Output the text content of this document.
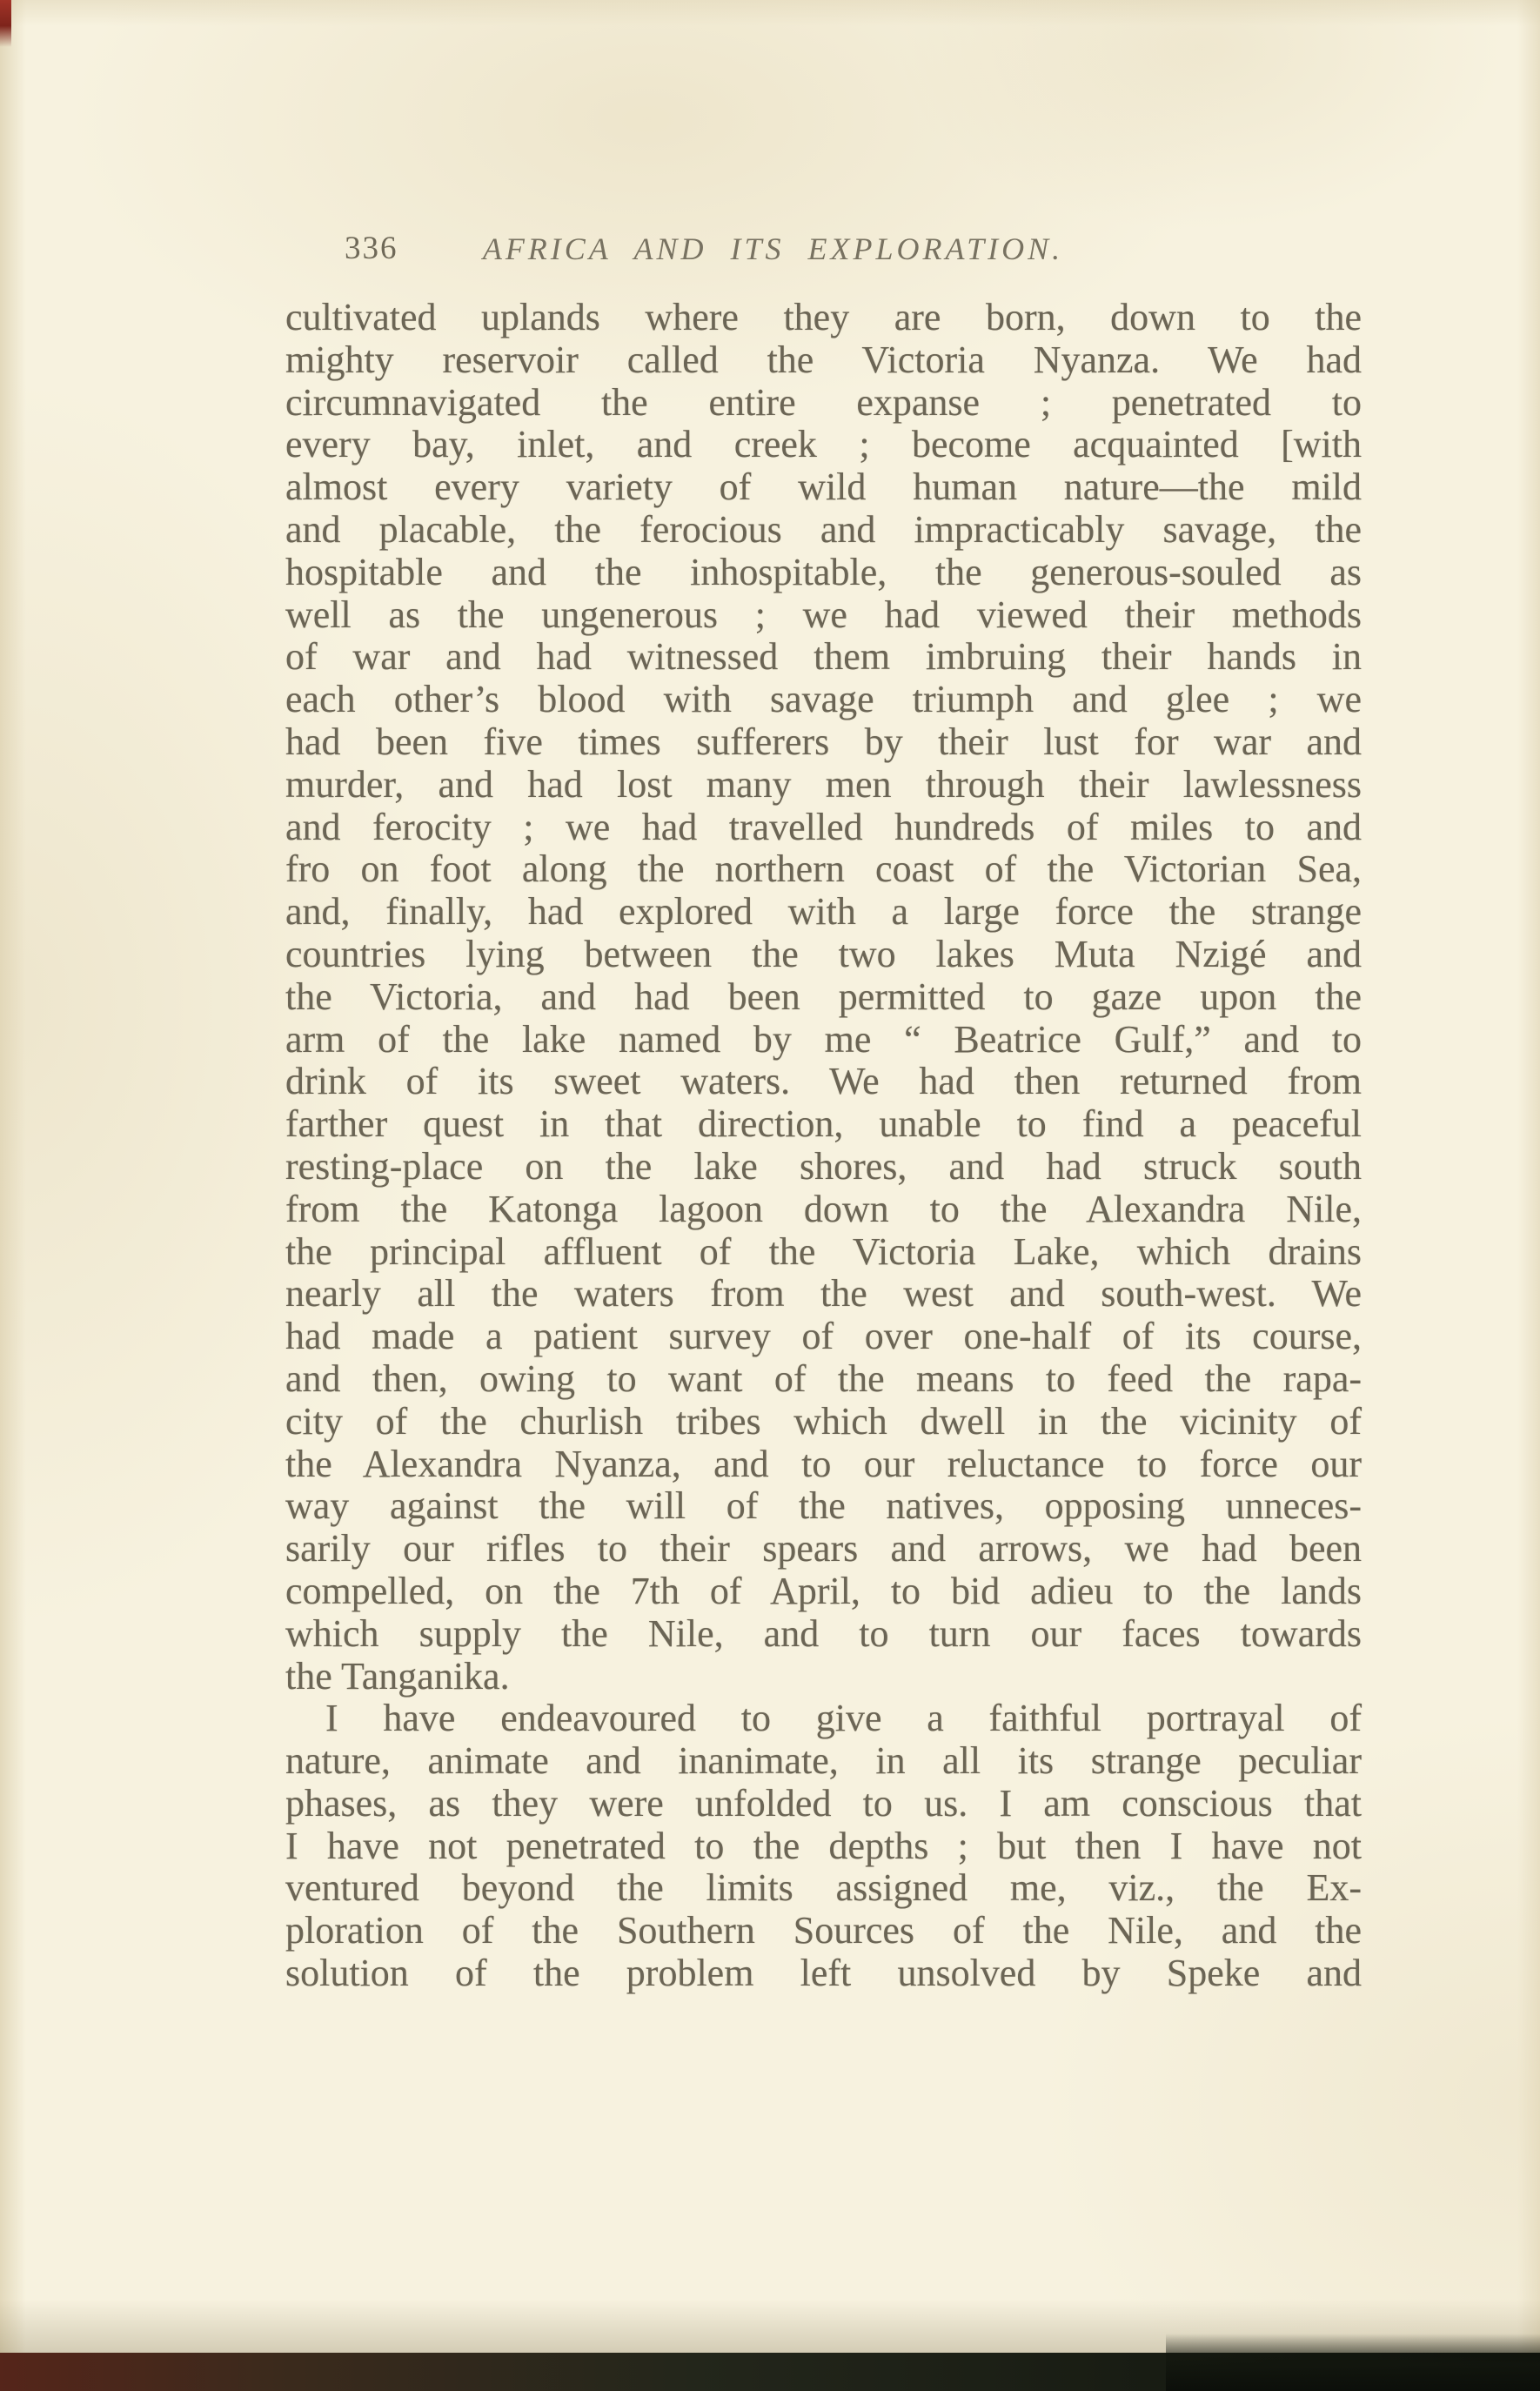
336	AFRICA AND ITS EXPLORATION.
cultivated uplands where they are born, down to the
mighty reservoir called the Victoria Nyanza. We had
circumnavigated the entire expanse ; penetrated to
every bay, inlet, and creek ; become acquainted [with
almost every variety of wild human nature—the mild
and placable, the ferocious and impracticably savage, the
hospitable and the inhospitable, the generous-souled as
well as the ungenerous ; we had viewed their methods
of war and had witnessed them imbruing their hands in
each other’s blood with savage triumph and glee ; we
had been five times sufferers by their lust for war and
murder, and had lost many men through their lawlessness
and ferocity ; we had travelled hundreds of miles to and
fro on foot along the northern coast of the Victorian Sea,
and, finally, had explored with a large force the strange
countries lying between the two lakes Muta Nzigé and
the Victoria, and had been permitted to gaze upon the
arm of the lake named by me “ Beatrice Gulf,” and to
drink of its sweet waters. We had then returned from
farther quest in that direction, unable to find a peaceful
resting-place on the lake shores, and had struck south
from the Katonga lagoon down to the Alexandra Nile,
the principal affluent of the Victoria Lake, which drains
nearly all the waters from the west and south-west. We
had made a patient survey of over one-half of its course,
and then, owing to want of the means to feed the rapa-
city of the churlish tribes which dwell in the vicinity of
the Alexandra Nyanza, and to our reluctance to force our
way against the will of the natives, opposing unneces-
sarily our rifles to their spears and arrows, we had been
compelled, on the 7th of April, to bid adieu to the lands
which supply the Nile, and to turn our faces towards
the Tanganika.
I have endeavoured to give a faithful portrayal of
nature, animate and inanimate, in all its strange peculiar
phases, as they were unfolded to us. I am conscious that
I have not penetrated to the depths ; but then I have not
ventured beyond the limits assigned me, viz., the Ex-
ploration of the Southern Sources of the Nile, and the
solution of the problem left unsolved by Speke and
